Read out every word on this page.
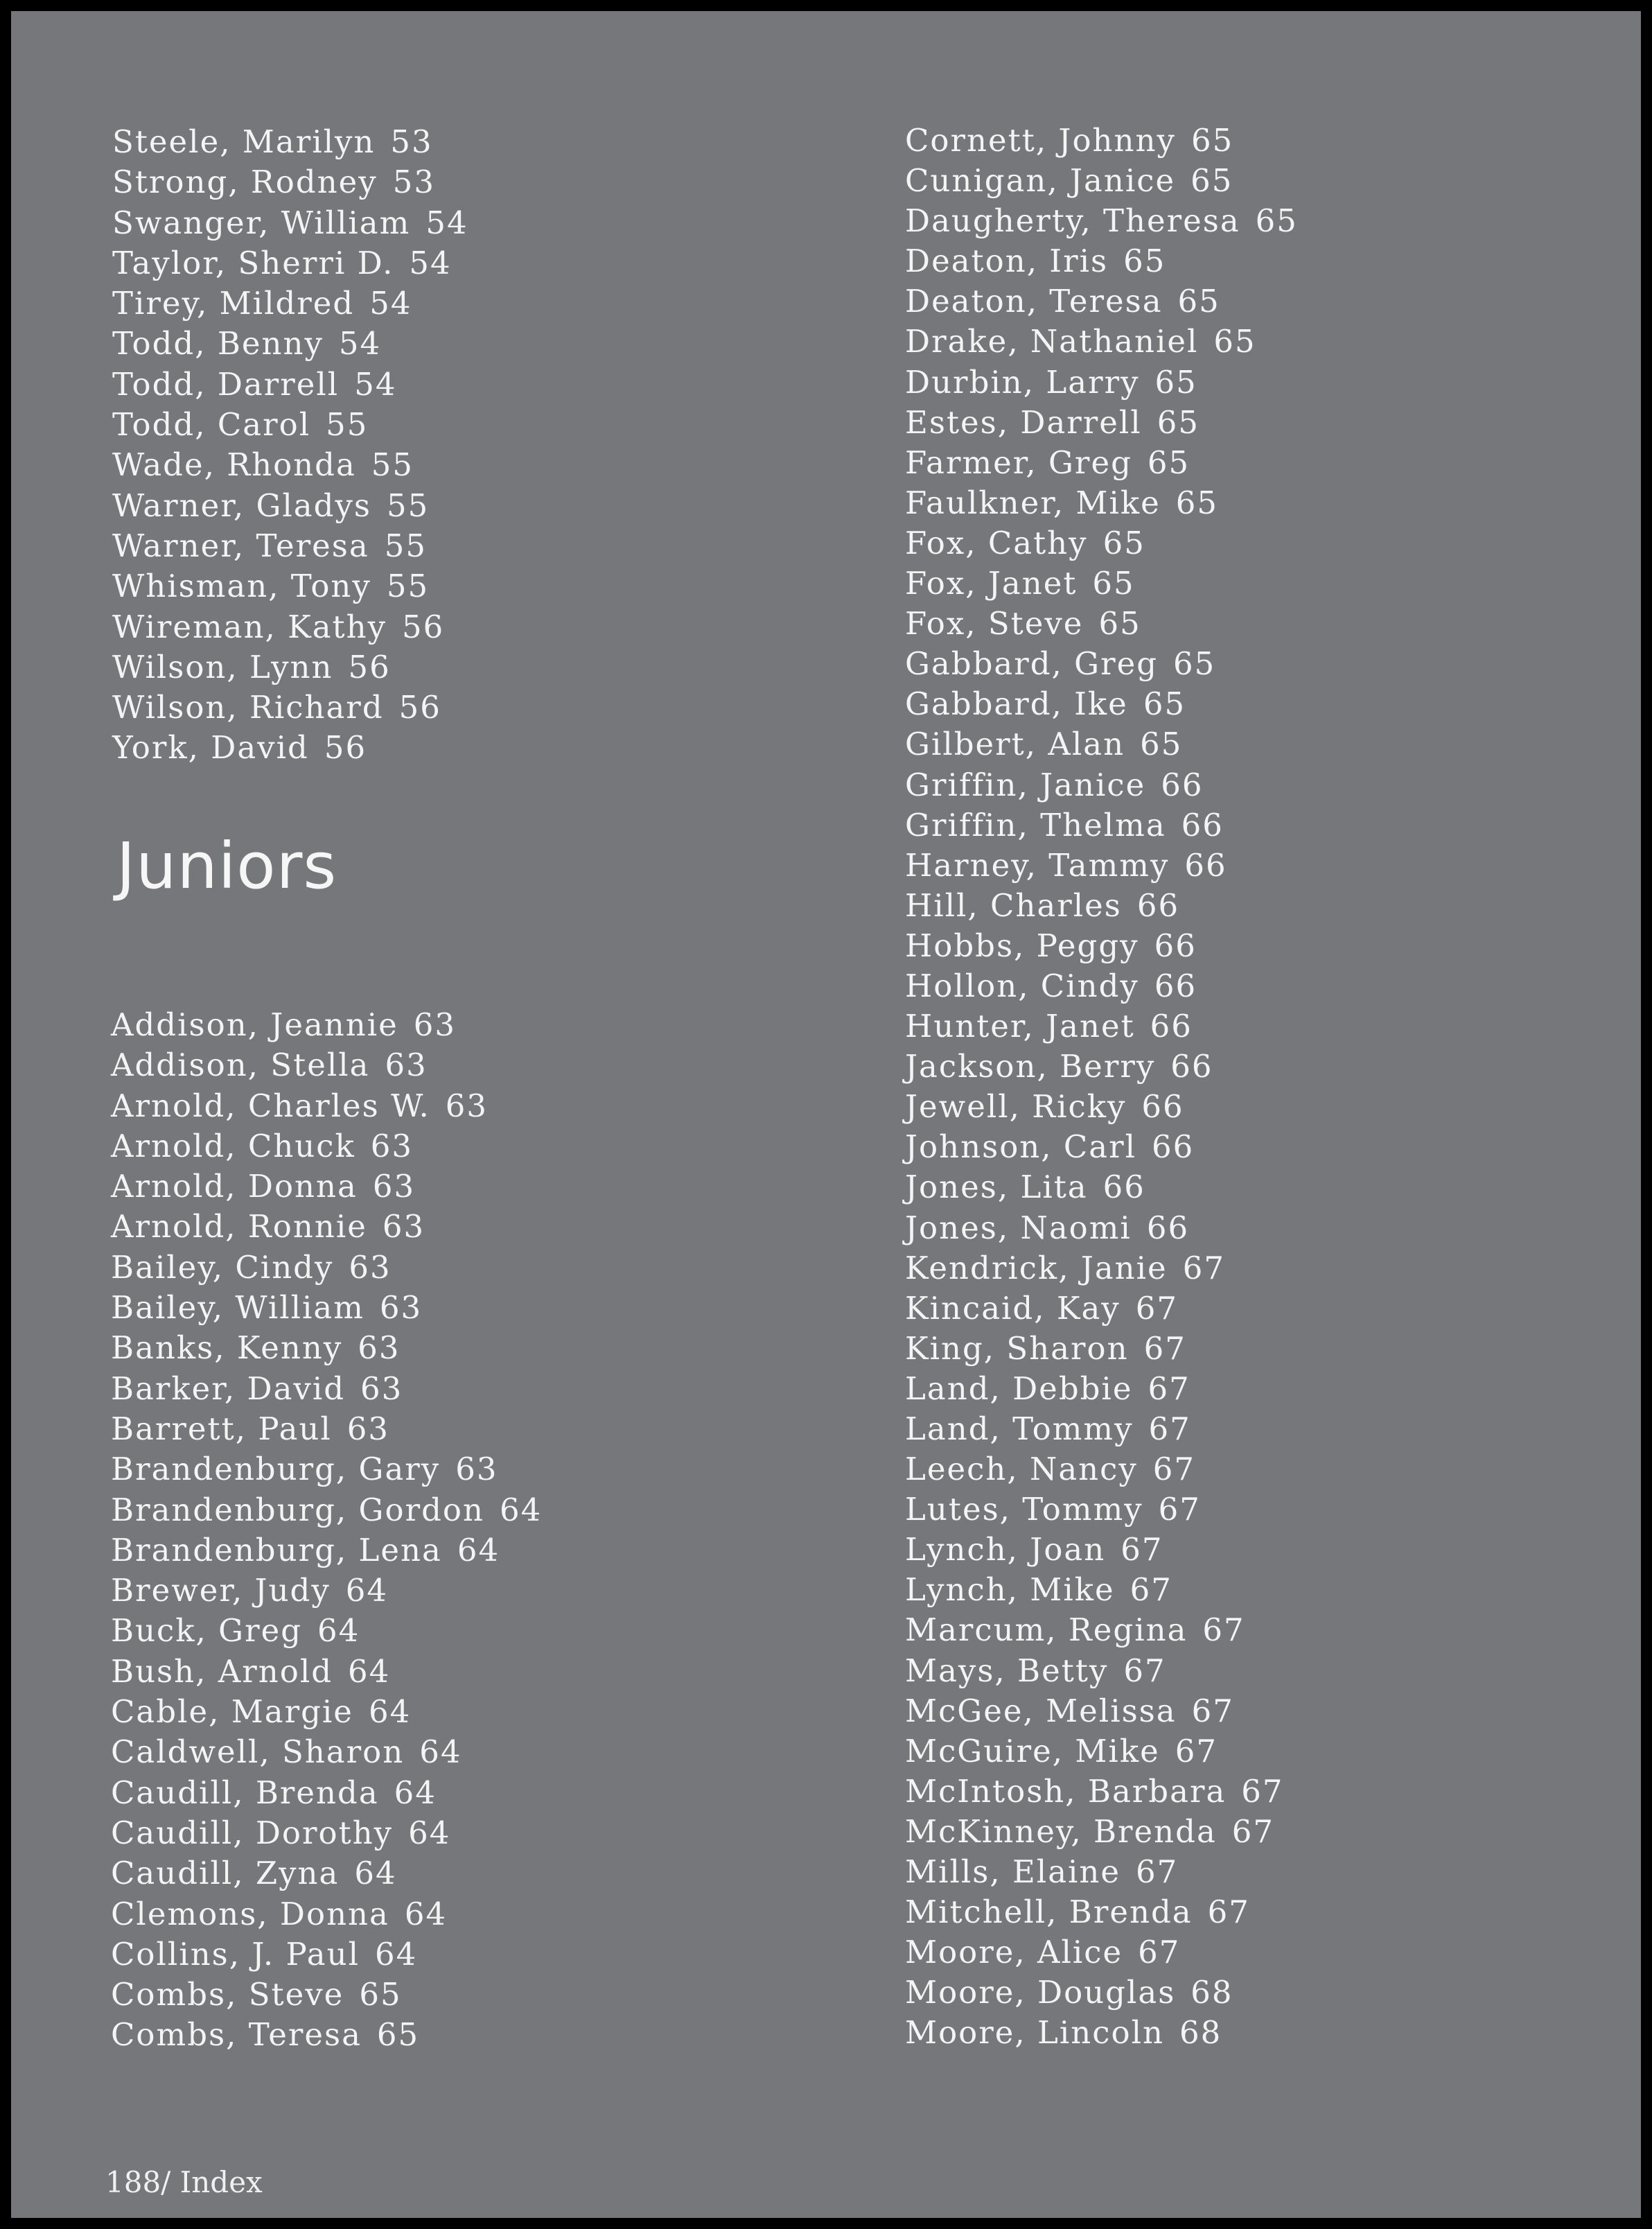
Steele, Marilyn 53
Strong, Rodney 53
Swanger, William 54
Taylor, Sherri D. 54
Tirey, Mildred 54
Todd, Benny 54
Todd, Darrell 54
Todd, Carol 55
Wade, Rhonda 55
Warner, Gladys 55
Warner, Teresa 55
Whisman, Tony 55
Wireman, Kathy 56
Wilson, Lynn 56
Wilson, Richard 56
York, David 56
Juniors
Addison, Jeannie 63
Addison, Stella 63
Arnold, Charles W. 63
Arnold, Chuck 63
Arnold, Donna 63
Arnold, Ronnie 63
Bailey, Cindy 63
Bailey, William 63
Banks, Kenny 63
Barker, David 63
Barrett, Paul 63
Brandenburg, Gary 63
Brandenburg, Gordon 64
Brandenburg, Lena 64
Brewer, Judy 64
Buck, Greg 64
Bush, Arnold 64
Cable, Margie 64
Caldwell, Sharon 64
Caudill, Brenda 64
Caudill, Dorothy 64
Caudill, Zyna 64
Clemons, Donna 64
Collins, J. Paul 64
Combs, Steve 65
Combs, Teresa 65
Cornett, Johnny 65
Cunigan, Janice 65
Daugherty, Theresa 65
Deaton, Iris 65
Deaton, Teresa 65
Drake, Nathaniel 65
Durbin, Larry 65
Estes, Darrell 65
Farmer, Greg 65
Faulkner, Mike 65
Fox, Cathy 65
Fox, Janet 65
Fox, Steve 65
Gabbard, Greg 65
Gabbard, Ike 65
Gilbert, Alan 65
Griffin, Janice 66
Griffin, Thelma 66
Harney, Tammy 66
Hill, Charles 66
Hobbs, Peggy 66
Hollon, Cindy 66
Hunter, Janet 66
Jackson, Berry 66
Jewell, Ricky 66
Johnson, Carl 66
Jones, Lita 66
Jones, Naomi 66
Kendrick, Janie 67
Kincaid, Kay 67
King, Sharon 67
Land, Debbie 67
Land, Tommy 67
Leech, Nancy 67
Lutes, Tommy 67
Lynch, Joan 67
Lynch, Mike 67
Marcum, Regina 67
Mays, Betty 67
McGee, Melissa 67
McGuire, Mike 67
McIntosh, Barbara 67
McKinney, Brenda 67
Mills, Elaine 67
Mitchell, Brenda 67
Moore, Alice 67
Moore, Douglas 68
Moore, Lincoln 68
188/ Index
